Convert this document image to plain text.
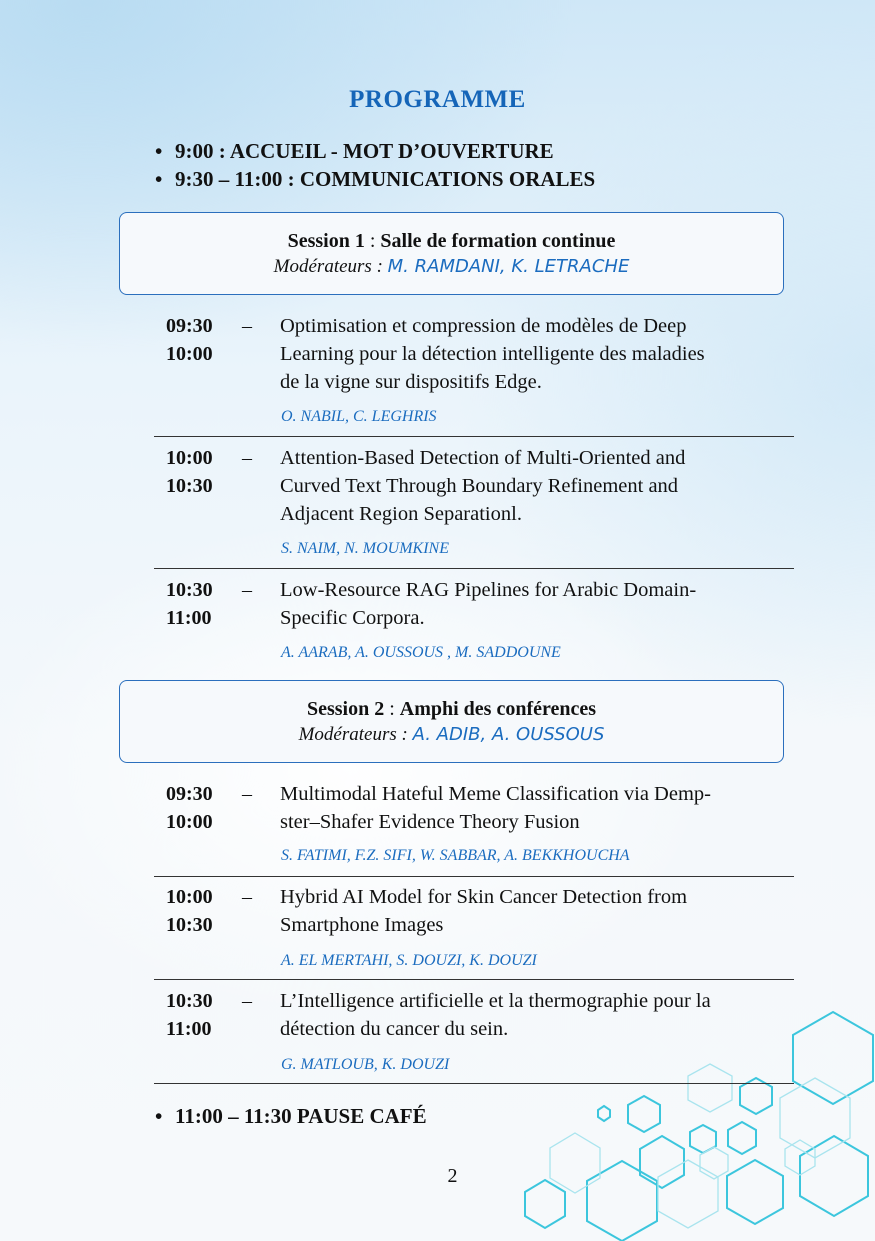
PROGRAMME
• 9:00 : ACCUEIL - MOT D’OUVERTURE
• 9:30 – 11:00 : COMMUNICATIONS ORALES
Session 1 : Salle de formation continue
Modérateurs : M. RAMDANI, K. LETRACHE
09:30
10:00
– Optimisation et compression de modèles de Deep
Learning pour la détection intelligente des maladies
de la vigne sur dispositifs Edge.
O. NABIL, C. LEGHRIS
10:00
10:30
– Attention-Based Detection of Multi-Oriented and
Curved Text Through Boundary Refinement and
Adjacent Region Separationl.
S. NAIM, N. MOUMKINE
10:30
11:00
– Low-Resource RAG Pipelines for Arabic Domain-
Specific Corpora.
A. AARAB, A. OUSSOUS , M. SADDOUNE
Session 2 : Amphi des conférences
Modérateurs : A. ADIB, A. OUSSOUS
09:30
10:00
– Multimodal Hateful Meme Classification via Demp-
ster–Shafer Evidence Theory Fusion
S. FATIMI, F.Z. SIFI, W. SABBAR, A. BEKKHOUCHA
10:00
10:30
– Hybrid AI Model for Skin Cancer Detection from
Smartphone Images
A. EL MERTAHI, S. DOUZI, K. DOUZI
10:30
11:00
– L’Intelligence artificielle et la thermographie pour la
détection du cancer du sein.
G. MATLOUB, K. DOUZI
• 11:00 – 11:30 PAUSE CAFÉ
2
